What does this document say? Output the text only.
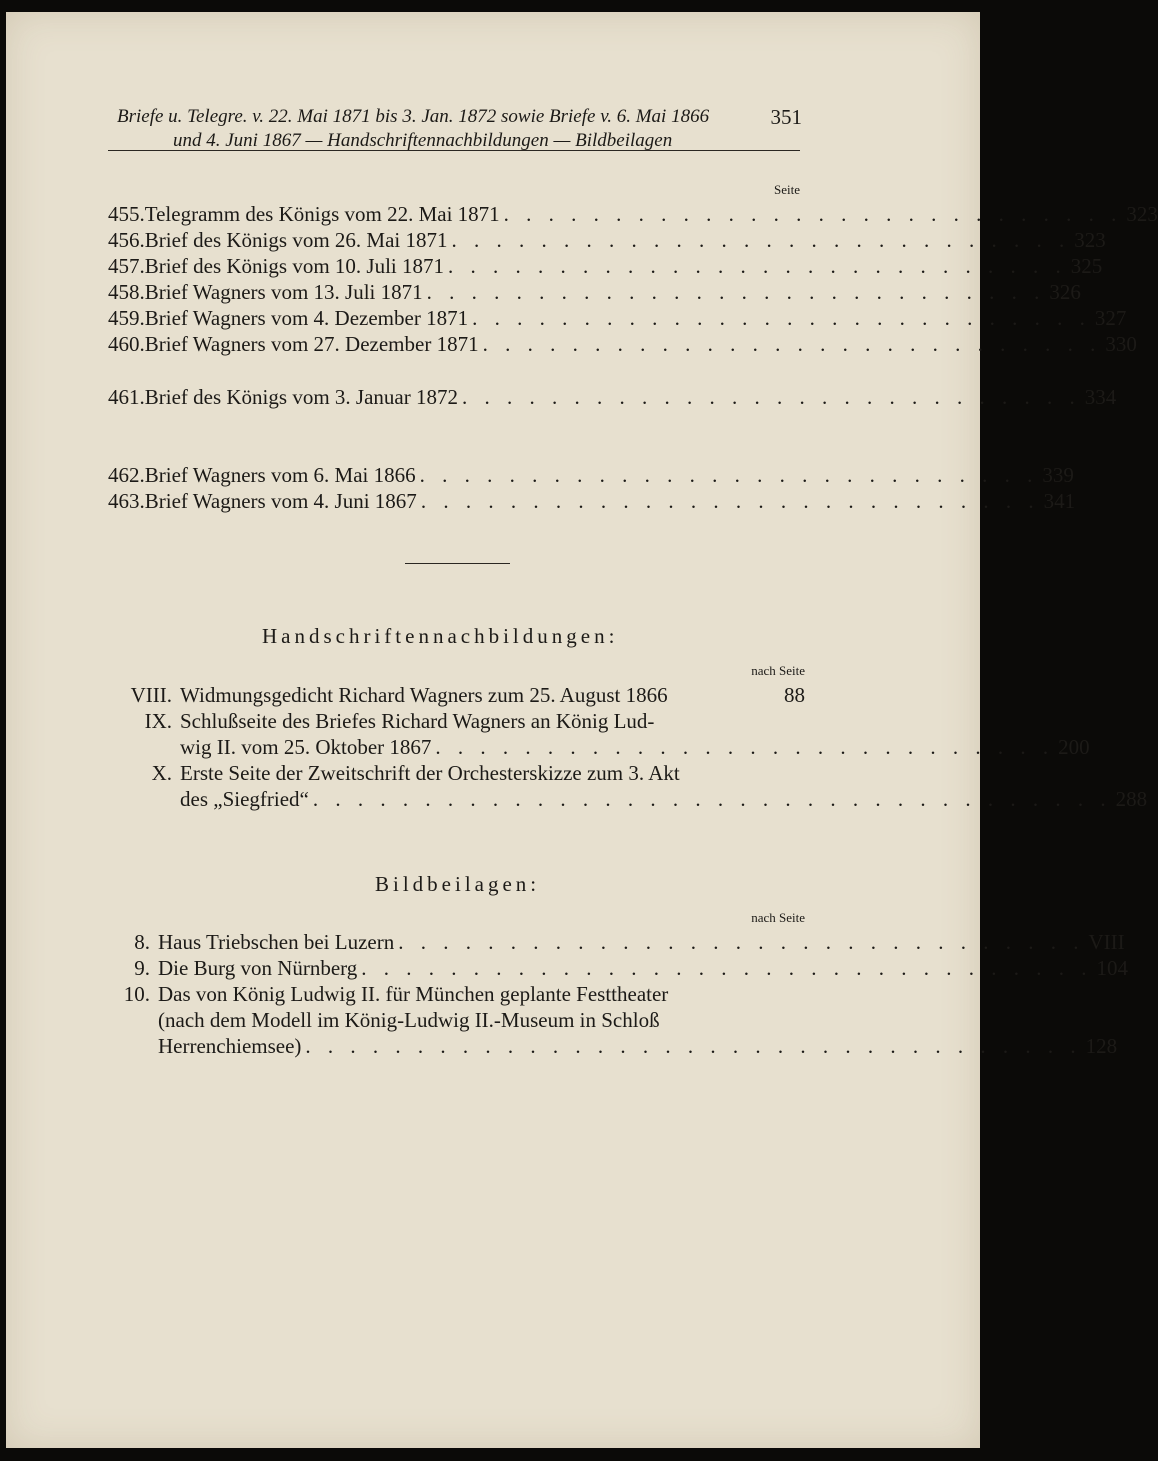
Briefe u. Telegre. v. 22. Mai 1871 bis 3. Jan. 1872 sowie Briefe v. 6. Mai 1866
und 4. Juni 1867 — Handschriftennachbildungen — Bildbeilagen
351
Seite
455. Telegramm des Königs vom 22. Mai 1871 . . . . . . . . . . . . . . . . . . . . . . . . . . . . 323
456. Brief des Königs vom 26. Mai 1871 . . . . . . . . . . . . . . . . . . . . . . . . . . . . 323
457. Brief des Königs vom 10. Juli 1871 . . . . . . . . . . . . . . . . . . . . . . . . . . . . 325
458. Brief Wagners vom 13. Juli 1871 . . . . . . . . . . . . . . . . . . . . . . . . . . . . 326
459. Brief Wagners vom 4. Dezember 1871 . . . . . . . . . . . . . . . . . . . . . . . . . . . . 327
460. Brief Wagners vom 27. Dezember 1871 . . . . . . . . . . . . . . . . . . . . . . . . . . . . 330
461. Brief des Königs vom 3. Januar 1872 . . . . . . . . . . . . . . . . . . . . . . . . . . . . 334
462. Brief Wagners vom 6. Mai 1866 . . . . . . . . . . . . . . . . . . . . . . . . . . . . 339
463. Brief Wagners vom 4. Juni 1867 . . . . . . . . . . . . . . . . . . . . . . . . . . . . 341
Handschriftennachbildungen:
nach Seite
VIII. Widmungsgedicht Richard Wagners zum 25. August 1866	88
IX. Schlußseite des Briefes Richard Wagners an König Lud-
wig II. vom 25. Oktober 1867 . . . . . . . . . . . . . . . . . . . . . . . . . . . . 200
X. Erste Seite der Zweitschrift der Orchesterskizze zum 3. Akt
des „Siegfried“ . . . . . . . . . . . . . . . . . . . . . . . . . . . . . . . . . . . . 288
Bildbeilagen:
nach Seite
8. Haus Triebschen bei Luzern . . . . . . . . . . . . . . . . . . . . . . . . . . . . . . . VIII
9. Die Burg von Nürnberg . . . . . . . . . . . . . . . . . . . . . . . . . . . . . . . . . 104
10. Das von König Ludwig II. für München geplante Festtheater
(nach dem Modell im König-Ludwig II.-Museum in Schloß
Herrenchiemsee) . . . . . . . . . . . . . . . . . . . . . . . . . . . . . . . . . . . 128
